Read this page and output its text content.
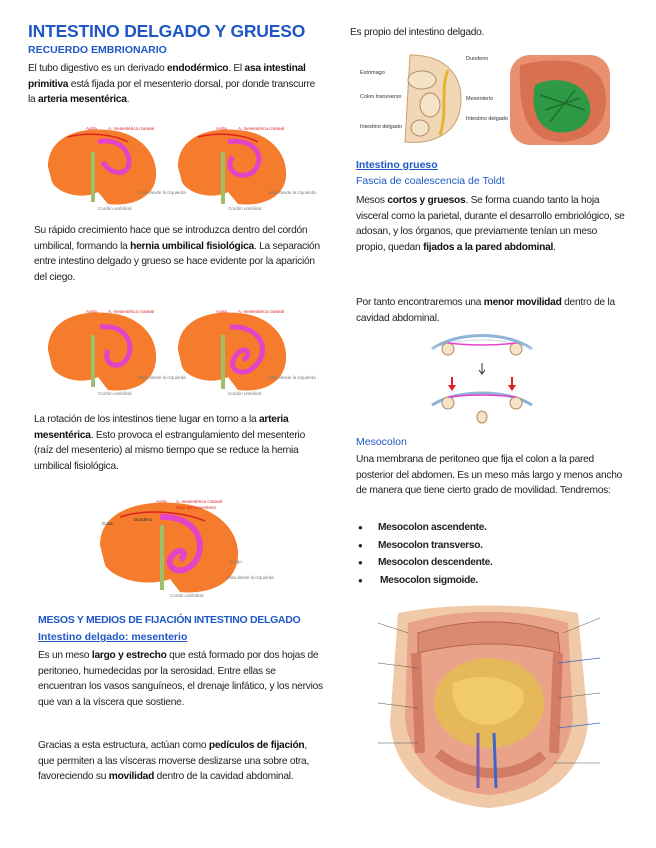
INTESTINO DELGADO Y GRUESO
RECUERDO EMBRIONARIO
El tubo digestivo es un derivado endodérmico. El asa intestinal primitiva está fijada por el mesenterio dorsal, por donde transcurre la arteria mesentérica.
Aorta A. mesentérica craneal	Aorta A. mesentérica craneal
Vista desde la izquierda	Vista desde la izquierda
Cordón umbilical	Cordón umbilical
Su rápido crecimiento hace que se introduzca dentro del cordón umbilical, formando la hernia umbilical fisiológica. La separación entre intestino delgado y grueso se hace evidente por la aparición del ciego.
Aorta A. mesentérica craneal	Aorta A. mesentérica craneal
Vista desde la izquierda	Vista desde la izquierda
Cordón umbilical	Cordón umbilical
La rotación de los intestinos tiene lugar en torno a la arteria mesentérica. Esto provoca el estrangulamiento del mesenterio (raíz del mesenterio) al mismo tiempo que se reduce la hernia umbilical fisiológica.
Aorta A. mesentérica craneal
Raíz del mesenterio
Colon
Duodeno
Ciego
Vista desde la izquierda
Cordón umbilical
MESOS Y MEDIOS DE FIJACIÓN INTESTINO DELGADO
Intestino delgado: mesenterio
Es un meso largo y estrecho que está formado por dos hojas de peritoneo, humedecidas por la serosidad. Entre ellas se encuentran los vasos sanguíneos, el drenaje linfático, y los nervios que van a la víscera que sostiene.
Gracias a esta estructura, actúan como pedículos de fijación, que permiten a las vísceras moverse deslizarse una sobre otra, favoreciendo su movilidad dentro de la cavidad abdominal.
Es propio del intestino delgado.
Estómago
Colon transverso
Intestino delgado
Duodeno
Mesenterio
Intestino delgado
Intestino grueso
Fascia de coalescencia de Toldt
Mesos cortos y gruesos. Se forma cuando tanto la hoja visceral como la parietal, durante el desarrollo embriológico, se adosan, y los órganos, que previamente tenían un meso propio, quedan fijados a la pared abdominal.
Por tanto encontraremos una menor movilidad dentro de la cavidad abdominal.
Mesocolon
Una membrana de peritoneo que fija el colon a la pared posterior del abdomen. Es un meso más largo y menos ancho de manera que tiene cierto grado de movilidad. Tendremos:
● Mesocolon ascendente.
● Mesocolon transverso.
● Mesocolon descendente.
● Mesocolon sigmoide.
